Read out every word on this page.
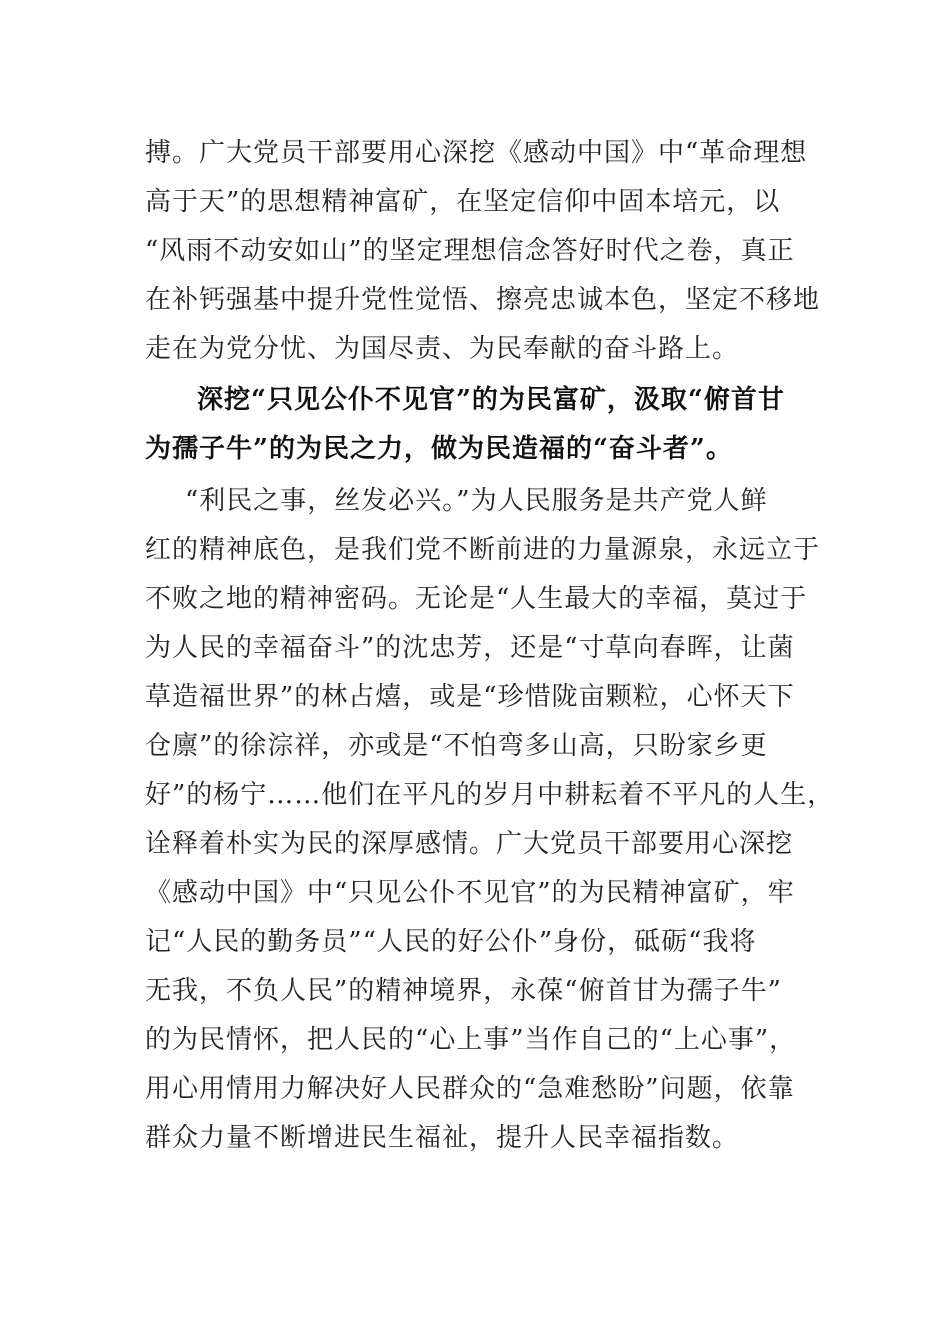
搏。广大党员干部要用心深挖《感动中国》中“革命理想
高于天”的思想精神富矿，在坚定信仰中固本培元，以
“风雨不动安如山”的坚定理想信念答好时代之卷，真正
在补钙强基中提升党性觉悟、擦亮忠诚本色，坚定不移地
走在为党分忧、为国尽责、为民奉献的奋斗路上。
深挖“只见公仆不见官”的为民富矿，汲取“俯首甘
为孺子牛”的为民之力，做为民造福的“奋斗者”。
“利民之事，丝发必兴。”为人民服务是共产党人鲜
红的精神底色，是我们党不断前进的力量源泉，永远立于
不败之地的精神密码。无论是“人生最大的幸福，莫过于
为人民的幸福奋斗”的沈忠芳，还是“寸草向春晖，让菌
草造福世界”的林占熺，或是“珍惜陇亩颗粒，心怀天下
仓廪”的徐淙祥，亦或是“不怕弯多山高，只盼家乡更
好”的杨宁……他们在平凡的岁月中耕耘着不平凡的人生，
诠释着朴实为民的深厚感情。广大党员干部要用心深挖
《感动中国》中“只见公仆不见官”的为民精神富矿，牢
记“人民的勤务员”“人民的好公仆”身份，砥砺“我将
无我，不负人民”的精神境界，永葆“俯首甘为孺子牛”
的为民情怀，把人民的“心上事”当作自己的“上心事”，
用心用情用力解决好人民群众的“急难愁盼”问题，依靠
群众力量不断增进民生福祉，提升人民幸福指数。
